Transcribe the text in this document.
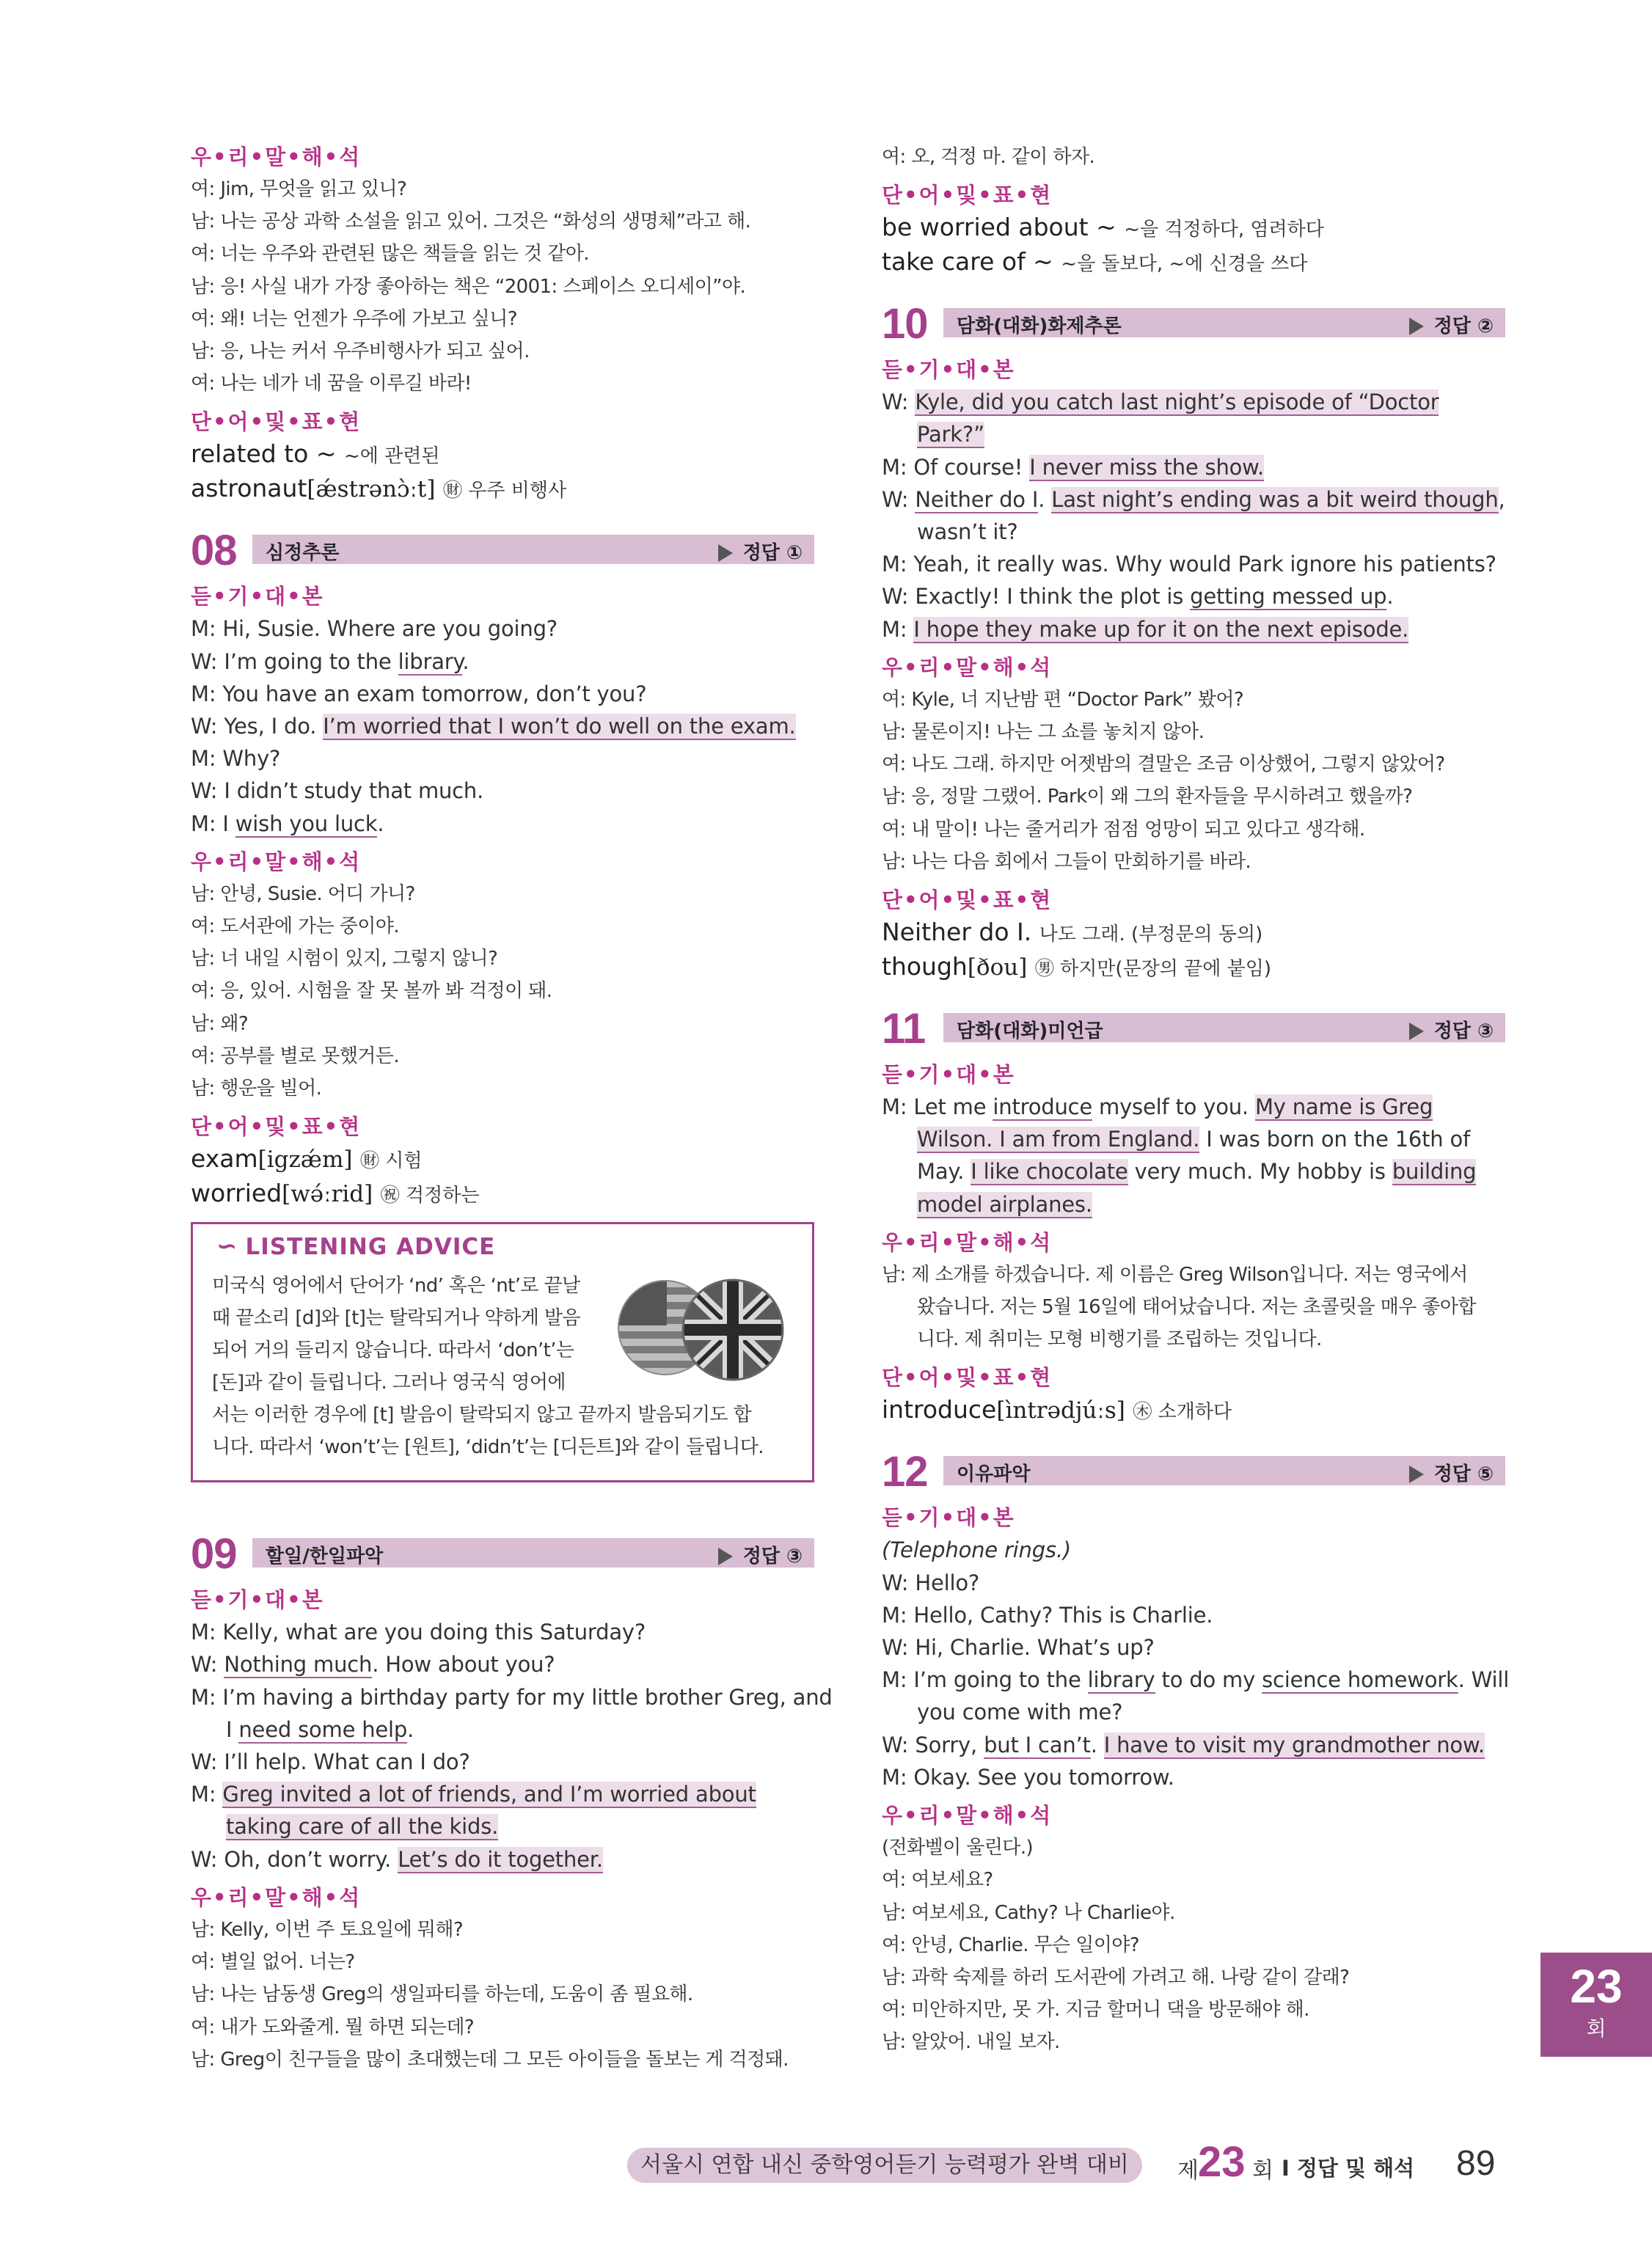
우•리•말•해•석
여: Jim, 무엇을 읽고 있니?
남: 나는 공상 과학 소설을 읽고 있어. 그것은 “화성의 생명체”라고 해.
여: 너는 우주와 관련된 많은 책들을 읽는 것 같아.
남: 응! 사실 내가 가장 좋아하는 책은 “2001: 스페이스 오디세이”야.
여: 왜! 너는 언젠가 우주에 가보고 싶니?
남: 응, 나는 커서 우주비행사가 되고 싶어.
여: 나는 네가 네 꿈을 이루길 바라!
단•어•및•표•현
related to ~ ~에 관련된
astronaut[ǽstrənɔ̀ːt] ㊖ 우주 비행사
08 심정추론	정답 ①
듣•기•대•본
M: Hi, Susie. Where are you going?
W: I’m going to the library.
M: You have an exam tomorrow, don’t you?
W: Yes, I do. I’m worried that I won’t do well on the exam.
M: Why?
W: I didn’t study that much.
M: I wish you luck.
우•리•말•해•석
남: 안녕, Susie. 어디 가니?
여: 도서관에 가는 중이야.
남: 너 내일 시험이 있지, 그렇지 않니?
여: 응, 있어. 시험을 잘 못 볼까 봐 걱정이 돼.
남: 왜?
여: 공부를 별로 못했거든.
남: 행운을 빌어.
단•어•및•표•현
exam[igzǽm] ㊖ 시험
worried[wə́ːrid] ㊗ 걱정하는
∽ LISTENING ADVICE
미국식 영어에서 단어가 ‘nd’ 혹은 ‘nt’로 끝날
때 끝소리 [d]와 [t]는 탈락되거나 약하게 발음
되어 거의 들리지 않습니다. 따라서 ‘don’t’는
[돈]과 같이 들립니다. 그러나 영국식 영어에
서는 이러한 경우에 [t] 발음이 탈락되지 않고 끝까지 발음되기도 합
니다. 따라서 ‘won’t’는 [원트], ‘didn’t’는 [디든트]와 같이 들립니다.
09 할일/한일파악	정답 ③
듣•기•대•본
M: Kelly, what are you doing this Saturday?
W: Nothing much. How about you?
M: I’m having a birthday party for my little brother Greg, and
I need some help.
W: I’ll help. What can I do?
M: Greg invited a lot of friends, and I’m worried about
taking care of all the kids.
W: Oh, don’t worry. Let’s do it together.
우•리•말•해•석
남: Kelly, 이번 주 토요일에 뭐해?
여: 별일 없어. 너는?
남: 나는 남동생 Greg의 생일파티를 하는데, 도움이 좀 필요해.
여: 내가 도와줄게. 뭘 하면 되는데?
남: Greg이 친구들을 많이 초대했는데 그 모든 아이들을 돌보는 게 걱정돼.
여: 오, 걱정 마. 같이 하자.
단•어•및•표•현
be worried about ~ ~을 걱정하다, 염려하다
take care of ~ ~을 돌보다, ~에 신경을 쓰다
10 담화(대화)화제추론	정답 ②
듣•기•대•본
W: Kyle, did you catch last night’s episode of “Doctor
Park?”
M: Of course! I never miss the show.
W: Neither do I. Last night’s ending was a bit weird though,
wasn’t it?
M: Yeah, it really was. Why would Park ignore his patients?
W: Exactly! I think the plot is getting messed up.
M: I hope they make up for it on the next episode.
우•리•말•해•석
여: Kyle, 너 지난밤 편 “Doctor Park” 봤어?
남: 물론이지! 나는 그 쇼를 놓치지 않아.
여: 나도 그래. 하지만 어젯밤의 결말은 조금 이상했어, 그렇지 않았어?
남: 응, 정말 그랬어. Park이 왜 그의 환자들을 무시하려고 했을까?
여: 내 말이! 나는 줄거리가 점점 엉망이 되고 있다고 생각해.
남: 나는 다음 회에서 그들이 만회하기를 바라.
단•어•및•표•현
Neither do I. 나도 그래. (부정문의 동의)
though[ðou] ㊚ 하지만(문장의 끝에 붙임)
11 담화(대화)미언급	정답 ③
듣•기•대•본
M: Let me introduce myself to you. My name is Greg
Wilson. I am from England. I was born on the 16th of
May. I like chocolate very much. My hobby is building
model airplanes.
우•리•말•해•석
남: 제 소개를 하겠습니다. 제 이름은 Greg Wilson입니다. 저는 영국에서
왔습니다. 저는 5월 16일에 태어났습니다. 저는 초콜릿을 매우 좋아합
니다. 제 취미는 모형 비행기를 조립하는 것입니다.
단•어•및•표•현
introduce[ìntrədjúːs] ㊍ 소개하다
12 이유파악	정답 ⑤
듣•기•대•본
(Telephone rings.)
W: Hello?
M: Hello, Cathy? This is Charlie.
W: Hi, Charlie. What’s up?
M: I’m going to the library to do my science homework. Will
you come with me?
W: Sorry, but I can’t. I have to visit my grandmother now.
M: Okay. See you tomorrow.
우•리•말•해•석
(전화벨이 울린다.)
여: 여보세요?
남: 여보세요, Cathy? 나 Charlie야.
여: 안녕, Charlie. 무슨 일이야?
남: 과학 숙제를 하러 도서관에 가려고 해. 나랑 같이 갈래?
여: 미안하지만, 못 가. 지금 할머니 댁을 방문해야 해.
남: 알았어. 내일 보자.
23
회
서울시 연합 내신 중학영어듣기 능력평가 완벽 대비	제 23 회 I 정답 및 해석 89
